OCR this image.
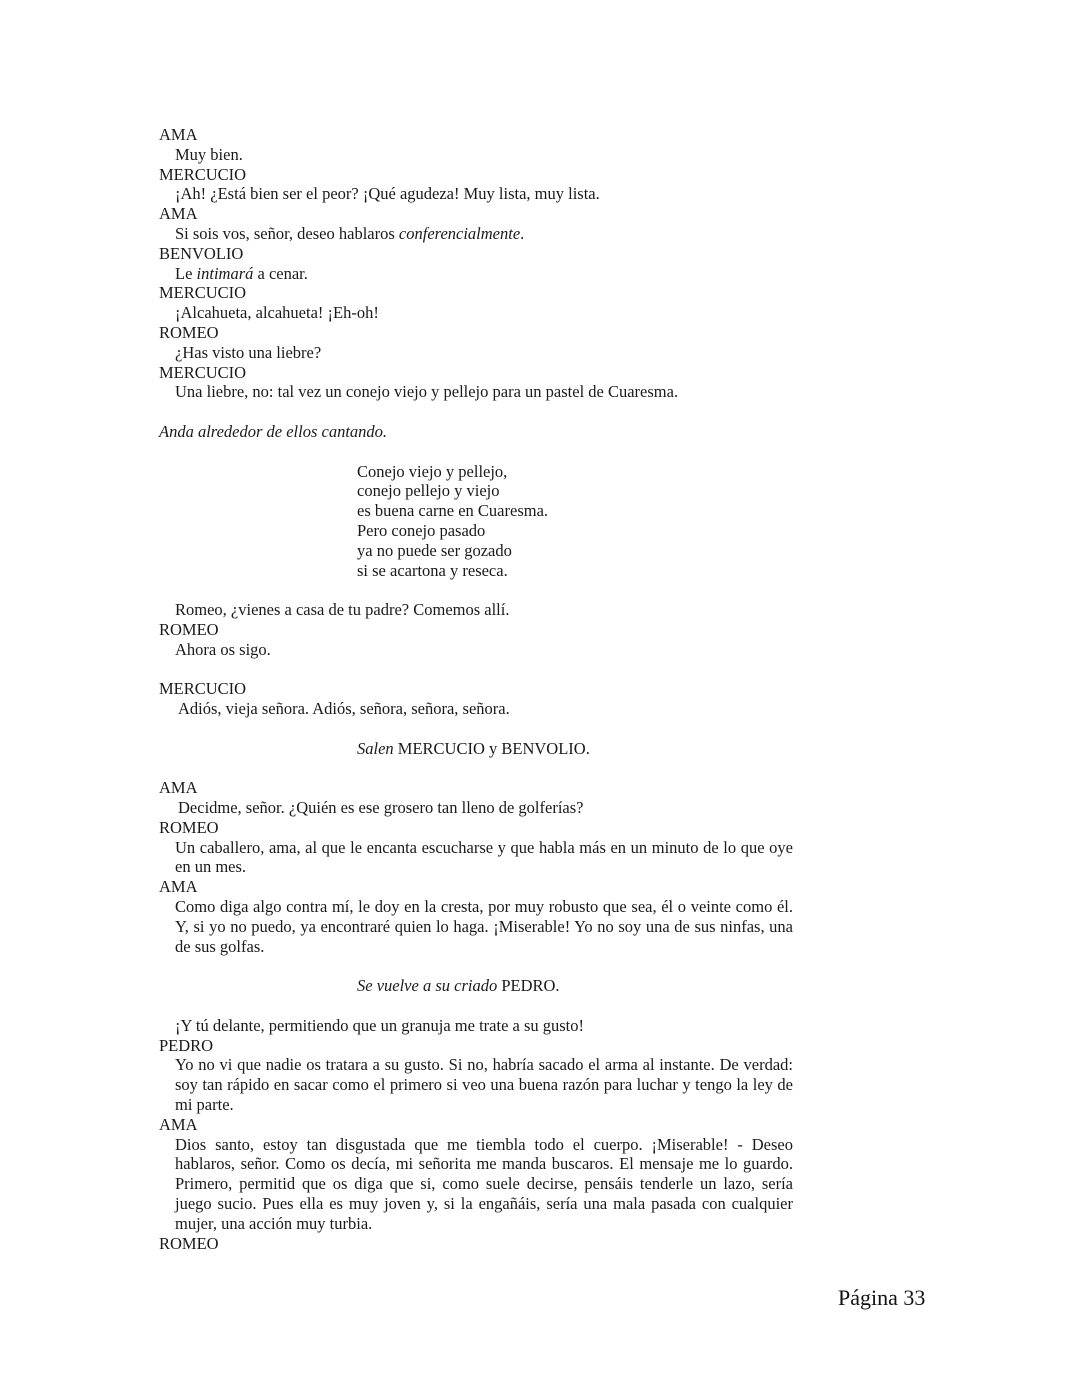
AMA

Muy bien.

MERCUCIO

¡Ah! ¿Está bien ser el peor? ¡Qué agudeza! Muy lista, muy lista.

AMA

Si sois vos, señor, deseo hablaros conferencialmente.

BENVOLIO

Le intimará a cenar.

MERCUCIO

¡Alcahueta, alcahueta! ¡Eh-oh!

ROMEO

¿Has visto una liebre?

MERCUCIO

Una liebre, no: tal vez un conejo viejo y pellejo para un pastel de Cuaresma.

Anda alrededor de ellos cantando.

Conejo viejo y pellejo,
conejo pellejo y viejo
es buena carne en Cuaresma.
Pero conejo pasado
ya no puede ser gozado
si se acartona y reseca.

Romeo, ¿vienes a casa de tu padre? Comemos allí.

ROMEO

Ahora os sigo.

MERCUCIO

Adiós, vieja señora. Adiós, señora, señora, señora.

Salen MERCUCIO y BENVOLIO.

AMA

Decidme, señor. ¿Quién es ese grosero tan lleno de golferías?

ROMEO

Un caballero, ama, al que le encanta escucharse y que habla más en un minuto de lo que oye en un mes.

AMA

Como diga algo contra mí, le doy en la cresta, por muy robusto que sea, él o veinte como él. Y, si yo no puedo, ya encontraré quien lo haga. ¡Miserable! Yo no soy una de sus ninfas, una de sus golfas.

Se vuelve a su criado PEDRO.

¡Y tú delante, permitiendo que un granuja me trate a su gusto!

PEDRO

Yo no vi que nadie os tratara a su gusto. Si no, habría sacado el arma al instante. De verdad: soy tan rápido en sacar como el primero si veo una buena razón para luchar y tengo la ley de mi parte.

AMA

Dios santo, estoy tan disgustada que me tiembla todo el cuerpo. ¡Miserable! - Deseo hablaros, señor. Como os decía, mi señorita me manda buscaros. El mensaje me lo guardo. Primero, permitid que os diga que si, como suele decirse, pensáis tenderle un lazo, sería juego sucio. Pues ella es muy joven y, si la engañáis, sería una mala pasada con cualquier mujer, una acción muy turbia.

ROMEO

Página 33
